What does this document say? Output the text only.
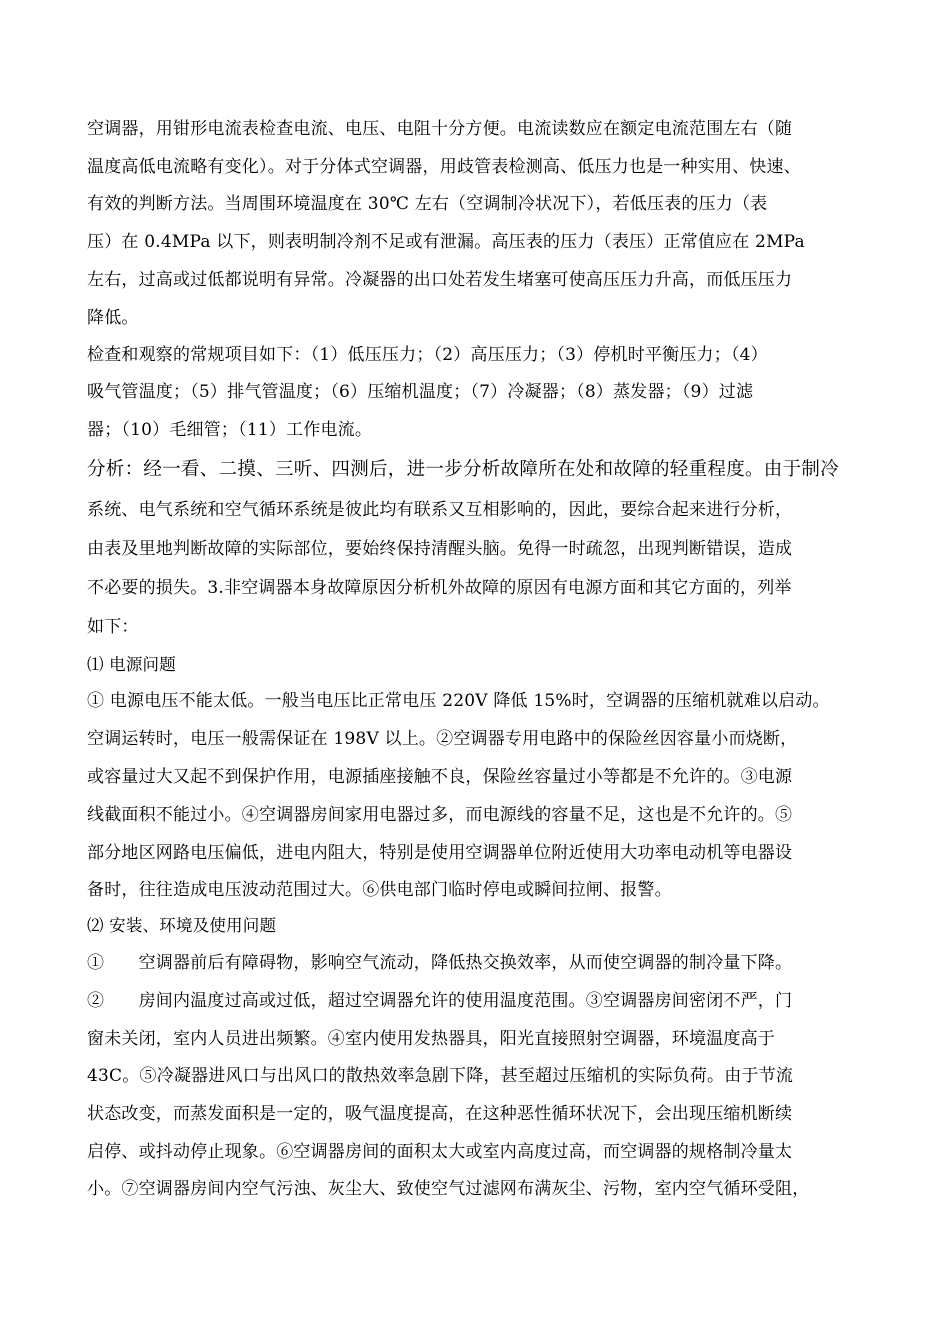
空调器，用钳形电流表检查电流、电压、电阻十分方便。电流读数应在额定电流范围左右（随
温度高低电流略有变化）。对于分体式空调器，用歧管表检测高、低压力也是一种实用、快速、
有效的判断方法。当周围环境温度在 30℃ 左右（空调制冷状况下），若低压表的压力（表
压）在 0.4MPa 以下，则表明制冷剂不足或有泄漏。高压表的压力（表压）正常值应在 2MPa
左右，过高或过低都说明有异常。冷凝器的出口处若发生堵塞可使高压压力升高，而低压压力
降低。
检查和观察的常规项目如下：（1）低压压力；（2）高压压力；（3）停机时平衡压力；（4）
吸气管温度；（5）排气管温度；（6）压缩机温度；（7）冷凝器；（8）蒸发器；（9）过滤
器；（10）毛细管；（11）工作电流。
分析：经一看、二摸、三听、四测后，进一步分析故障所在处和故障的轻重程度。由于制冷
系统、电气系统和空气循环系统是彼此均有联系又互相影响的，因此，要综合起来进行分析，
由表及里地判断故障的实际部位，要始终保持清醒头脑。免得一时疏忽，出现判断错误，造成
不必要的损失。3.非空调器本身故障原因分析机外故障的原因有电源方面和其它方面的，列举
如下：
⑴ 电源问题
① 电源电压不能太低。一般当电压比正常电压 220V 降低 15%时，空调器的压缩机就难以启动。
空调运转时，电压一般需保证在 198V 以上。②空调器专用电路中的保险丝因容量小而烧断，
或容量过大又起不到保护作用，电源插座接触不良，保险丝容量过小等都是不允许的。③电源
线截面积不能过小。④空调器房间家用电器过多，而电源线的容量不足，这也是不允许的。⑤
部分地区网路电压偏低，进电内阻大，特别是使用空调器单位附近使用大功率电动机等电器设
备时，往往造成电压波动范围过大。⑥供电部门临时停电或瞬间拉闸、报警。
⑵ 安装、环境及使用问题
①　　空调器前后有障碍物，影响空气流动，降低热交换效率，从而使空调器的制冷量下降。
②　　房间内温度过高或过低，超过空调器允许的使用温度范围。③空调器房间密闭不严，门
窗未关闭，室内人员进出频繁。④室内使用发热器具，阳光直接照射空调器，环境温度高于
43C。⑤冷凝器进风口与出风口的散热效率急剧下降，甚至超过压缩机的实际负荷。由于节流
状态改变，而蒸发面积是一定的，吸气温度提高，在这种恶性循环状况下，会出现压缩机断续
启停、或抖动停止现象。⑥空调器房间的面积太大或室内高度过高，而空调器的规格制冷量太
小。⑦空调器房间内空气污浊、灰尘大、致使空气过滤网布满灰尘、污物，室内空气循环受阻，
